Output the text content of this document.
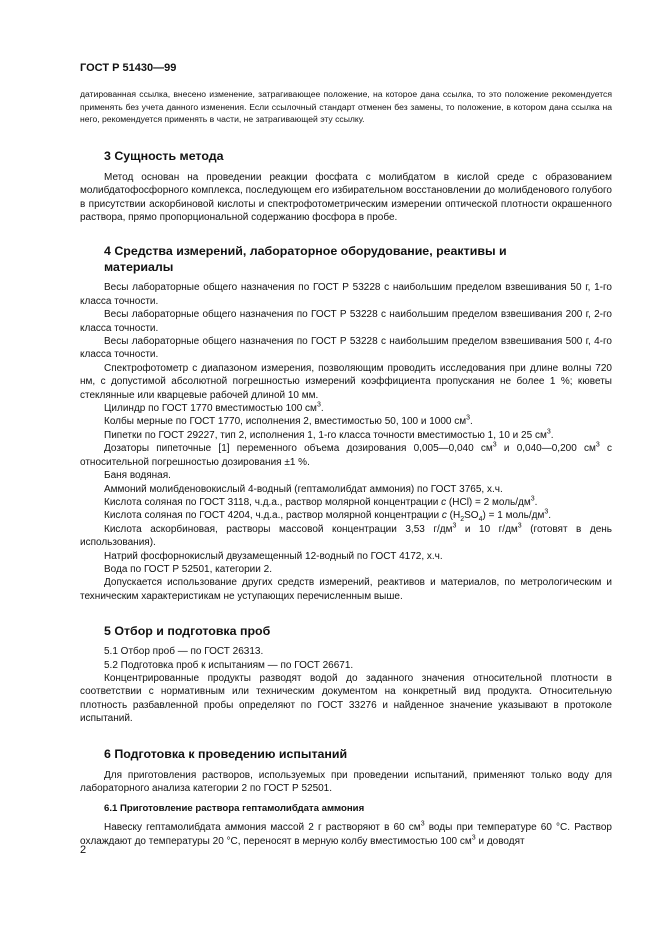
ГОСТ Р 51430—99

датированная ссылка, внесено изменение, затрагивающее положение, на которое дана ссылка, то это положение рекомендуется применять без учета данного изменения. Если ссылочный стандарт отменен без замены, то положение, в котором дана ссылка на него, рекомендуется применять в части, не затрагивающей эту ссылку.

3 Сущность метода

Метод основан на проведении реакции фосфата с молибдатом в кислой среде с образованием молибдатофосфорного комплекса, последующем его избирательном восстановлении до молибденового голубого в присутствии аскорбиновой кислоты и спектрофотометрическим измерении оптической плотности окрашенного раствора, прямо пропорциональной содержанию фосфора в пробе.

4 Средства измерений, лабораторное оборудование, реактивы и материалы

Весы лабораторные общего назначения по ГОСТ Р 53228 с наибольшим пределом взвешивания 50 г, 1-го класса точности.

Весы лабораторные общего назначения по ГОСТ Р 53228 с наибольшим пределом взвешивания 200 г, 2-го класса точности.

Весы лабораторные общего назначения по ГОСТ Р 53228 с наибольшим пределом взвешивания 500 г, 4-го класса точности.

Спектрофотометр с диапазоном измерения, позволяющим проводить исследования при длине волны 720 нм, с допустимой абсолютной погрешностью измерений коэффициента пропускания не более 1 %; кюветы стеклянные или кварцевые рабочей длиной 10 мм.

Цилиндр по ГОСТ 1770 вместимостью 100 $см^3$.

Колбы мерные по ГОСТ 1770, исполнения 2, вместимостью 50, 100 и 1000 $см^3$.

Пипетки по ГОСТ 29227, тип 2, исполнения 1, 1-го класса точности вместимостью 1, 10 и 25 $см^3$.

Дозаторы пипеточные [1] переменного объема дозирования 0,005—0,040 $см^3$ и 0,040—0,200 $см^3$ с относительной погрешностью дозирования ±1 %.

Баня водяная.

Аммоний молибденовокислый 4-водный (гептамолибдат аммония) по ГОСТ 3765, х.ч.

Кислота соляная по ГОСТ 3118, ч.д.а., раствор молярной концентрации с (HCl) = 2 моль/$дм^3$.

Кислота соляная по ГОСТ 4204, ч.д.а., раствор молярной концентрации с $(H_2SO_4) = 1$ моль/$дм^3$.

Кислота аскорбиновая, растворы массовой концентрации 3,53 $г/дм^3$ и 10 $г/дм^3$ (готовят в день использования).

Натрий фосфорнокислый двузамещенный 12-водный по ГОСТ 4172, х.ч.

Вода по ГОСТ Р 52501, категории 2.

Допускается использование других средств измерений, реактивов и материалов, по метрологическим и техническим характеристикам не уступающих перечисленным выше.

5 Отбор и подготовка проб

5.1 Отбор проб — по ГОСТ 26313.

5.2 Подготовка проб к испытаниям — по ГОСТ 26671.

Концентрированные продукты разводят водой до заданного значения относительной плотности в соответствии с нормативным или техническим документом на конкретный вид продукта. Относительную плотность разбавленной пробы определяют по ГОСТ 33276 и найденное значение указывают в протоколе испытаний.

6 Подготовка к проведению испытаний

Для приготовления растворов, используемых при проведении испытаний, применяют только воду для лабораторного анализа категории 2 по ГОСТ Р 52501.

6.1 Приготовление раствора гептамолибдата аммония

Навеску гептамолибдата аммония массой 2 г растворяют в 60 $см^3$ воды при температуре 60 °С. Раствор охлаждают до температуры 20 °С, переносят в мерную колбу вместимостью 100 $см^3$ и доводят

2
